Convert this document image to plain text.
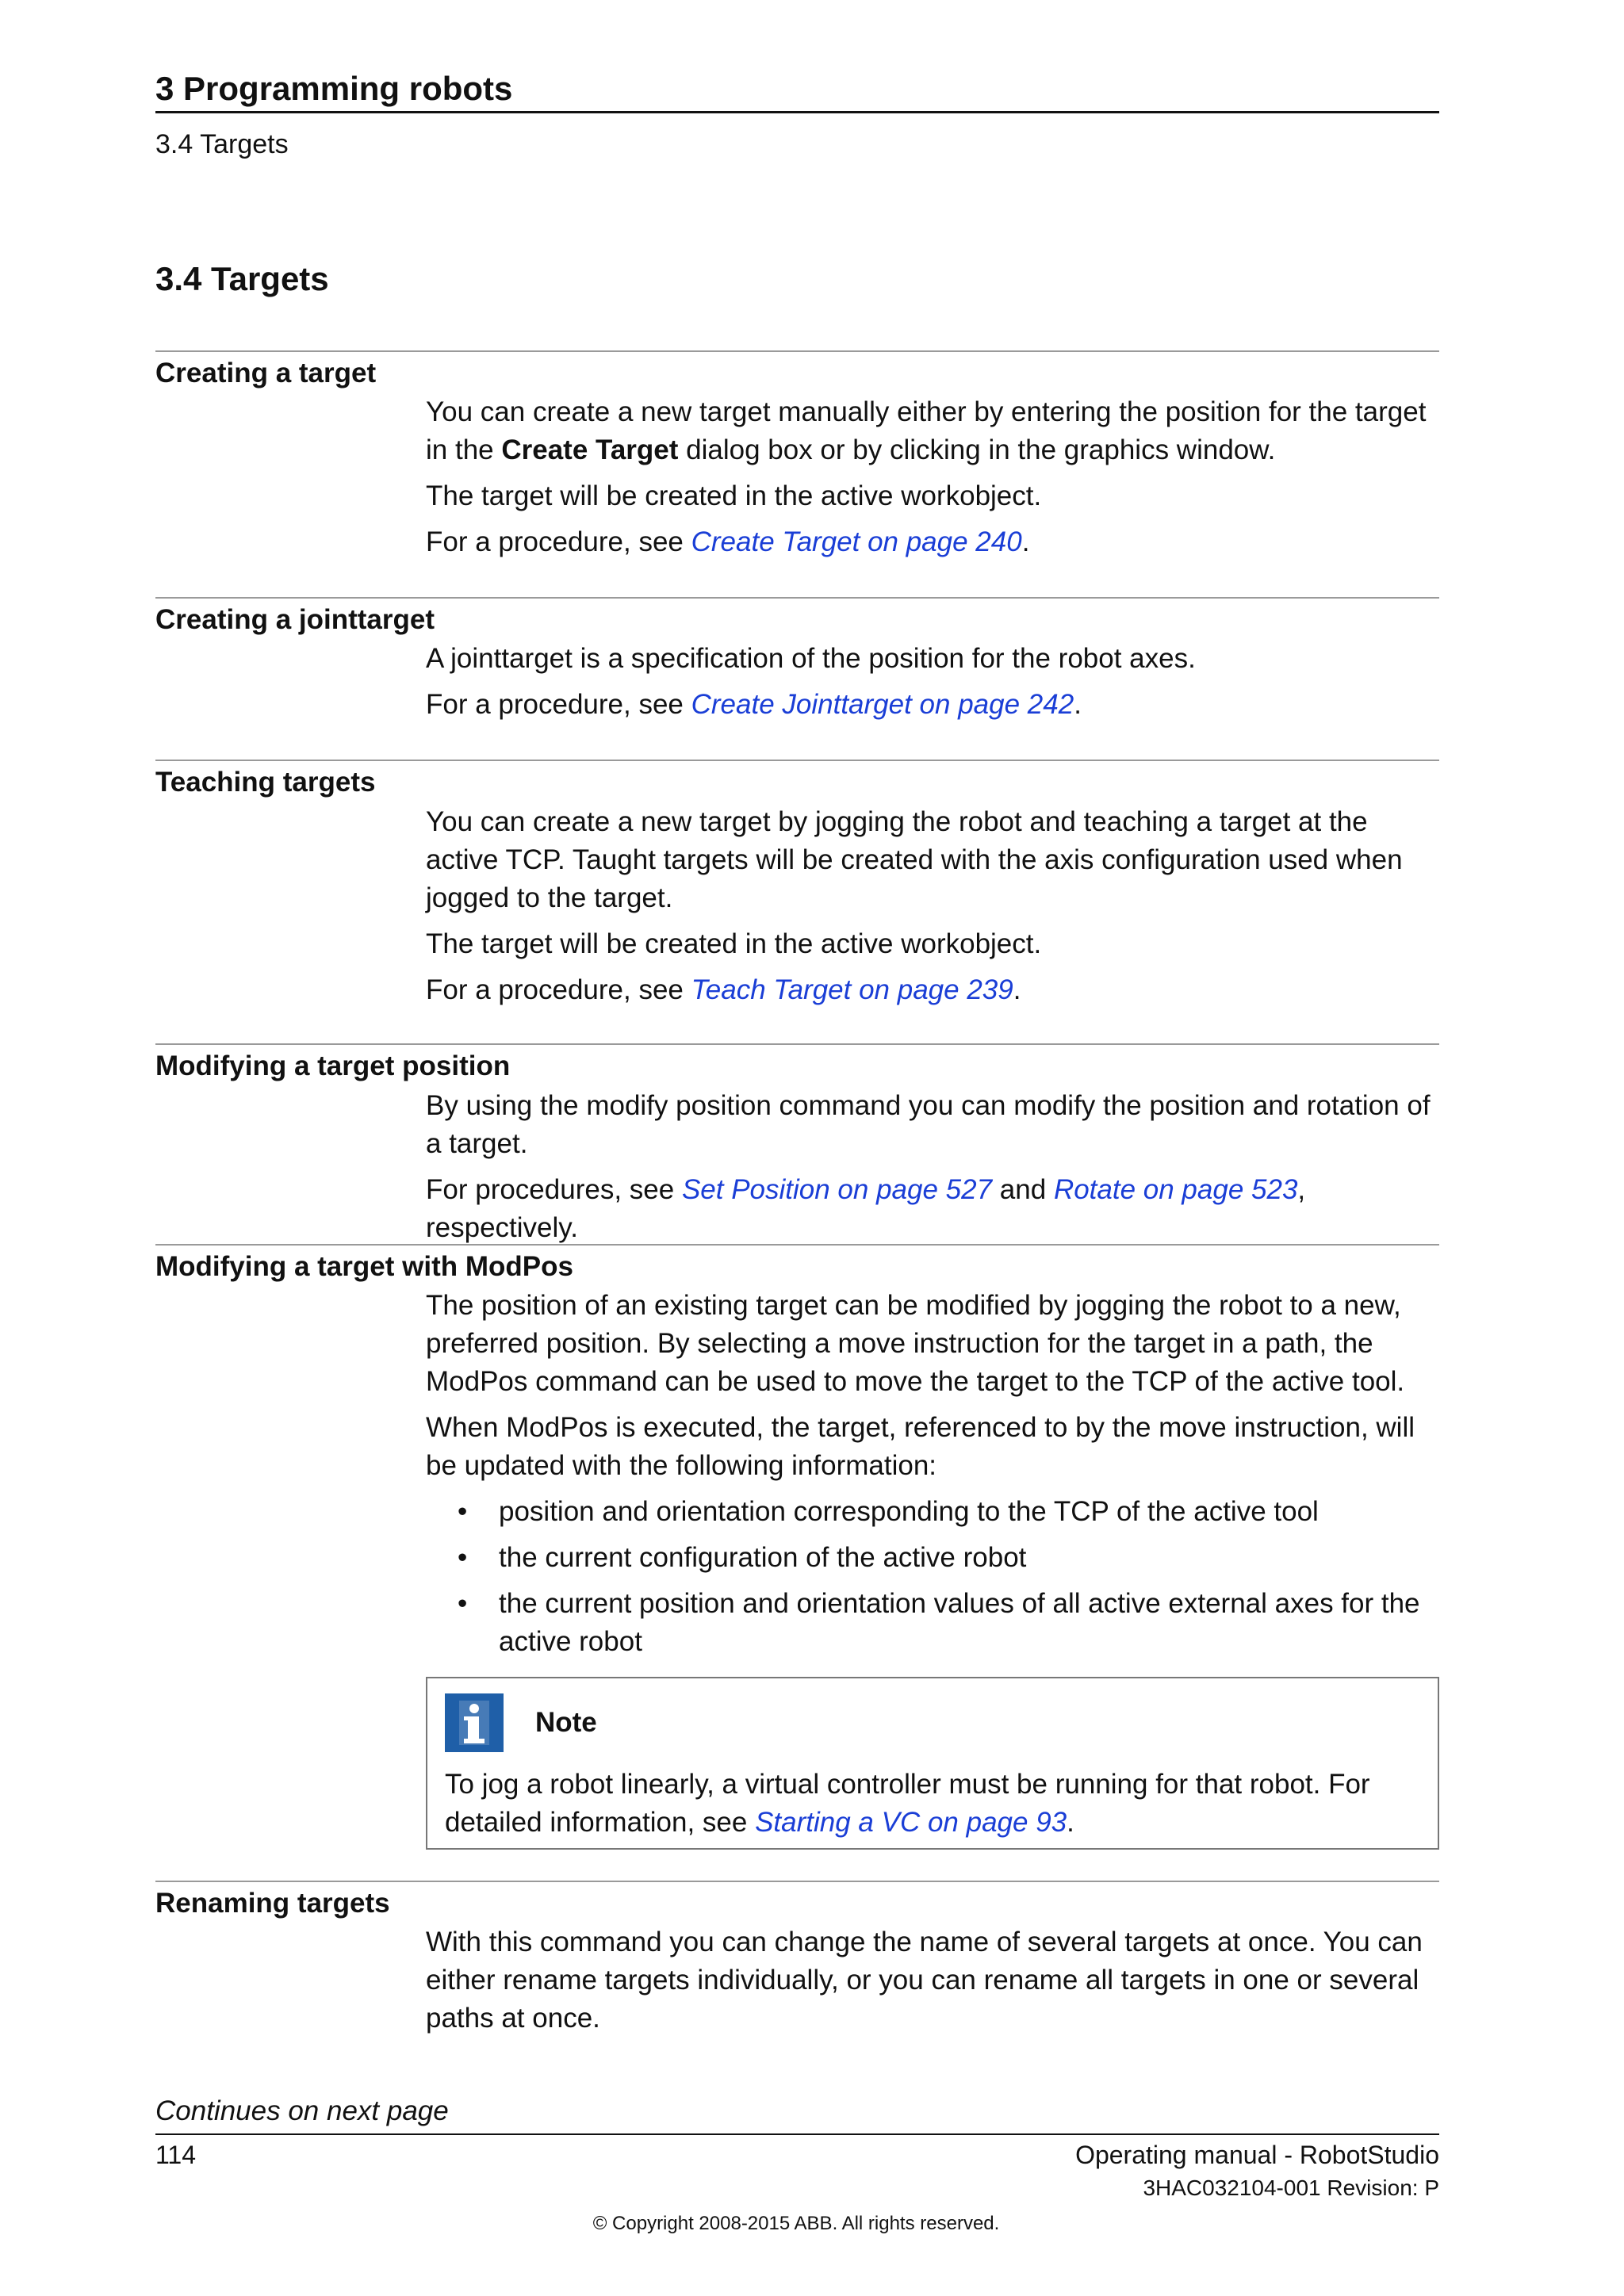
3 Programming robots
3.4 Targets
3.4 Targets
Creating a target

You can create a new target manually either by entering the position for the target in the Create Target dialog box or by clicking in the graphics window.

The target will be created in the active workobject.

For a procedure, see Create Target on page 240.

Creating a jointtarget

A jointtarget is a specification of the position for the robot axes.

For a procedure, see Create Jointtarget on page 242.

Teaching targets

You can create a new target by jogging the robot and teaching a target at the active TCP. Taught targets will be created with the axis configuration used when jogged to the target.

The target will be created in the active workobject.

For a procedure, see Teach Target on page 239.

Modifying a target position

By using the modify position command you can modify the position and rotation of a target.

For procedures, see Set Position on page 527 and Rotate on page 523, respectively.

Modifying a target with ModPos

The position of an existing target can be modified by jogging the robot to a new, preferred position. By selecting a move instruction for the target in a path, the ModPos command can be used to move the target to the TCP of the active tool.

When ModPos is executed, the target, referenced to by the move instruction, will be updated with the following information:

• position and orientation corresponding to the TCP of the active tool
• the current configuration of the active robot
• the current position and orientation values of all active external axes for the active robot
Note

To jog a robot linearly, a virtual controller must be running for that robot. For detailed information, see Starting a VC on page 93.

Renaming targets

With this command you can change the name of several targets at once. You can either rename targets individually, or you can rename all targets in one or several paths at once.

Continues on next page
114	Operating manual - RobotStudio
3HAC032104-001 Revision: P
© Copyright 2008-2015 ABB. All rights reserved.
